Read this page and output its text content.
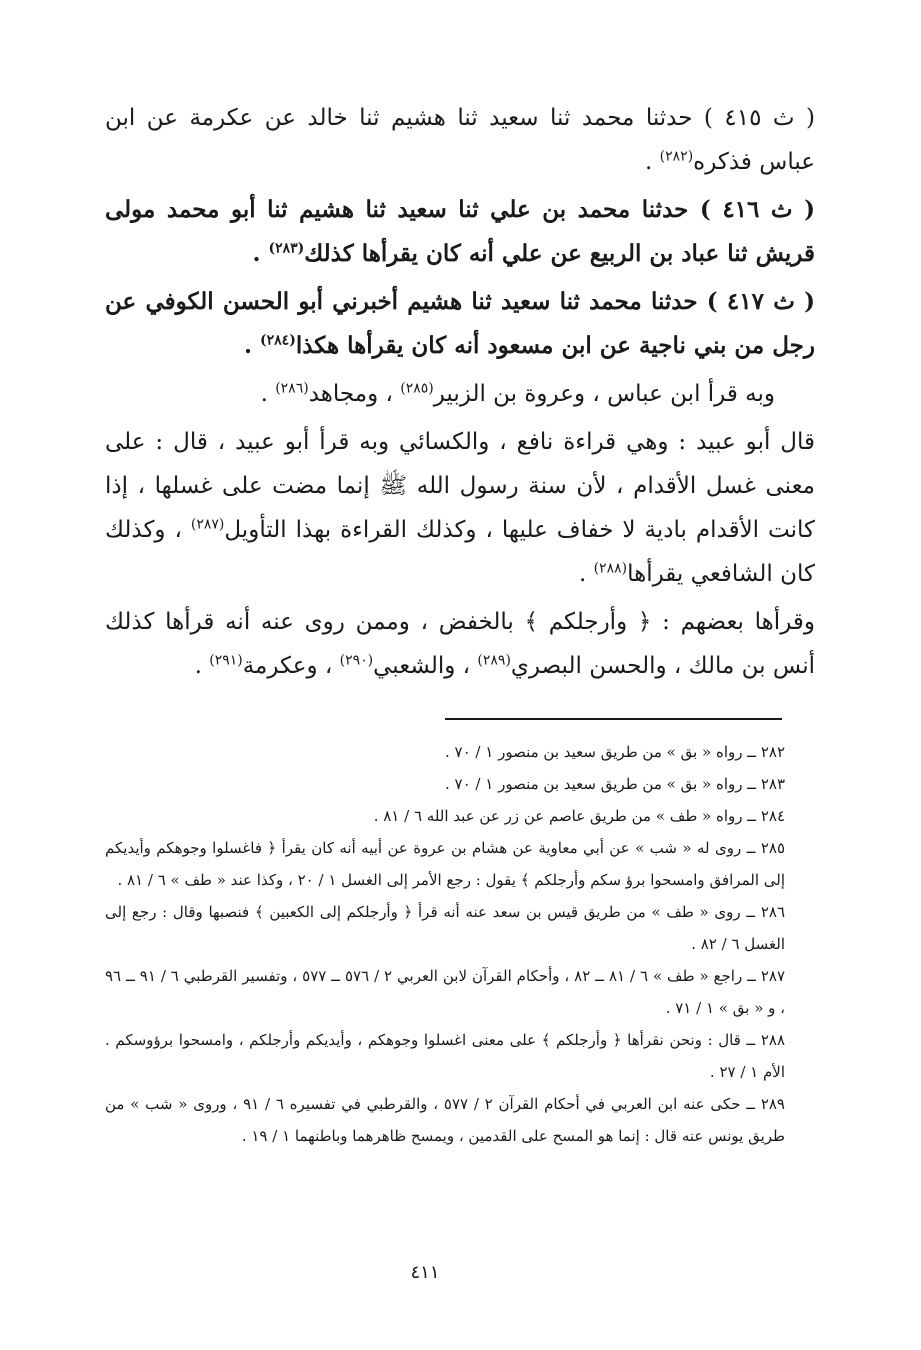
( ث ٤١٥ ) حدثنا محمد ثنا سعيد ثنا هشيم ثنا خالد عن عكرمة عن ابن عباس فذكره$^{(٢٨٢)}$ .

( ث ٤١٦ ) حدثنا محمد بن علي ثنا سعيد ثنا هشيم ثنا أبو محمد مولى قريش ثنا عباد بن الربيع عن علي أنه كان يقرأها كذلك$^{(٢٨٣)}$ .

( ث ٤١٧ ) حدثنا محمد ثنا سعيد ثنا هشيم أخبرني أبو الحسن الكوفي عن رجل من بني ناجية عن ابن مسعود أنه كان يقرأها هكذا$^{(٢٨٤)}$ .

وبه قرأ ابن عباس ، وعروة بن الزبير$^{(٢٨٥)}$ ، ومجاهد$^{(٢٨٦)}$ .

قال أبو عبيد : وهي قراءة نافع ، والكسائي وبه قرأ أبو عبيد ، قال : على معنى غسل الأقدام ، لأن سنة رسول الله ﷺ إنما مضت على غسلها ، إذا كانت الأقدام بادية لا خفاف عليها ، وكذلك القراءة بهذا التأويل$^{(٢٨٧)}$ ، وكذلك كان الشافعي يقرأها$^{(٢٨٨)}$ .

وقرأها بعضهم : ﴿ وأرجلكم ﴾ بالخفض ، وممن روى عنه أنه قرأها كذلك أنس بن مالك ، والحسن البصري$^{(٢٨٩)}$ ، والشعبي$^{(٢٩٠)}$ ، وعكرمة$^{(٢٩١)}$ .

٢٨٢ ــ رواه « بق » من طريق سعيد بن منصور ١ / ٧٠ .

٢٨٣ ــ رواه « بق » من طريق سعيد بن منصور ١ / ٧٠ .

٢٨٤ ــ رواه « طف » من طريق عاصم عن زر عن عبد الله ٦ / ٨١ .

٢٨٥ ــ روى له « شب » عن أبي معاوية عن هشام بن عروة عن أبيه أنه كان يقرأ ﴿ فاغسلوا وجوهكم وأيديكم إلى المرافق وامسحوا برؤ سكم وأرجلكم ﴾ يقول : رجع الأمر إلى الغسل ١ / ٢٠ ، وكذا عند « طف » ٦ / ٨١ .

٢٨٦ ــ روى « طف » من طريق قيس بن سعد عنه أنه قرأ ﴿ وأرجلكم إلى الكعبين ﴾ فنصبها وقال : رجع إلى الغسل ٦ / ٨٢ .

٢٨٧ ــ راجع « طف » ٦ / ٨١ ــ ٨٢ ، وأحكام القرآن لابن العربي ٢ / ٥٧٦ ــ ٥٧٧ ، وتفسير القرطبي ٦ / ٩١ ــ ٩٦ ، و « بق » ١ / ٧١ .

٢٨٨ ــ قال : ونحن نقرأها ﴿ وأرجلكم ﴾ على معنى اغسلوا وجوهكم ، وأيديكم وأرجلكم ، وامسحوا برؤوسكم . الأم ١ / ٢٧ .

٢٨٩ ــ حكى عنه ابن العربي في أحكام القرآن ٢ / ٥٧٧ ، والقرطبي في تفسيره ٦ / ٩١ ، وروى « شب » من طريق يونس عنه قال : إنما هو المسح على القدمين ، ويمسح ظاهرهما وباطنهما ١ / ١٩ .

٤١١
